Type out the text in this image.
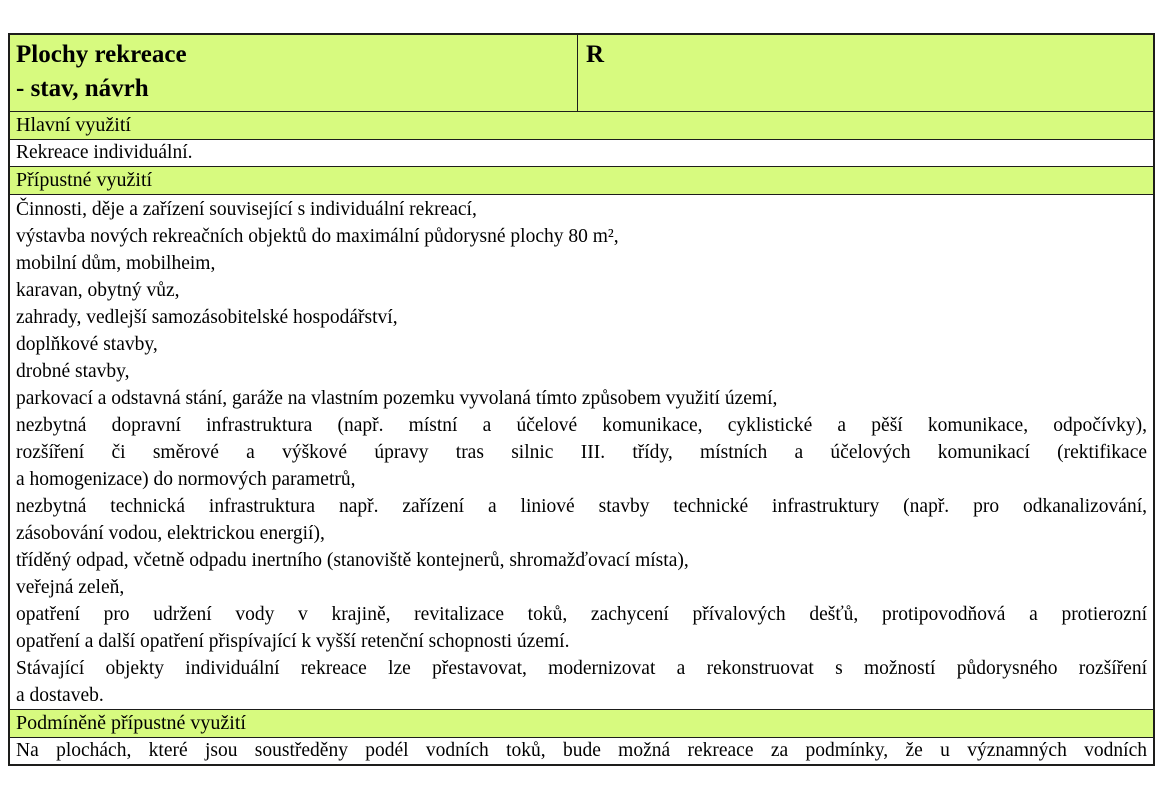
Plochy rekreace
- stav, návrh
R
Hlavní využití
Rekreace individuální.
Přípustné využití
Činnosti, děje a zařízení související s individuální rekreací,
výstavba nových rekreačních objektů do maximální půdorysné plochy 80 m²,
mobilní dům, mobilheim,
karavan, obytný vůz,
zahrady, vedlejší samozásobitelské hospodářství,
doplňkové stavby,
drobné stavby,
parkovací a odstavná stání, garáže na vlastním pozemku vyvolaná tímto způsobem využití území,
nezbytná dopravní infrastruktura (např. místní a účelové komunikace, cyklistické a pěší komunikace, odpočívky),
rozšíření či směrové a výškové úpravy tras silnic III. třídy, místních a účelových komunikací (rektifikace
a homogenizace) do normových parametrů,
nezbytná technická infrastruktura např. zařízení a liniové stavby technické infrastruktury (např. pro odkanalizování,
zásobování vodou, elektrickou energií),
tříděný odpad, včetně odpadu inertního (stanoviště kontejnerů, shromažďovací místa),
veřejná zeleň,
opatření pro udržení vody v krajině, revitalizace toků, zachycení přívalových dešťů, protipovodňová a protierozní
opatření a další opatření přispívající k vyšší retenční schopnosti území.
Stávající objekty individuální rekreace lze přestavovat, modernizovat a rekonstruovat s možností půdorysného rozšíření
a dostaveb.
Podmíněně přípustné využití
Na plochách, které jsou soustředěny podél vodních toků, bude možná rekreace za podmínky, že u významných vodních
